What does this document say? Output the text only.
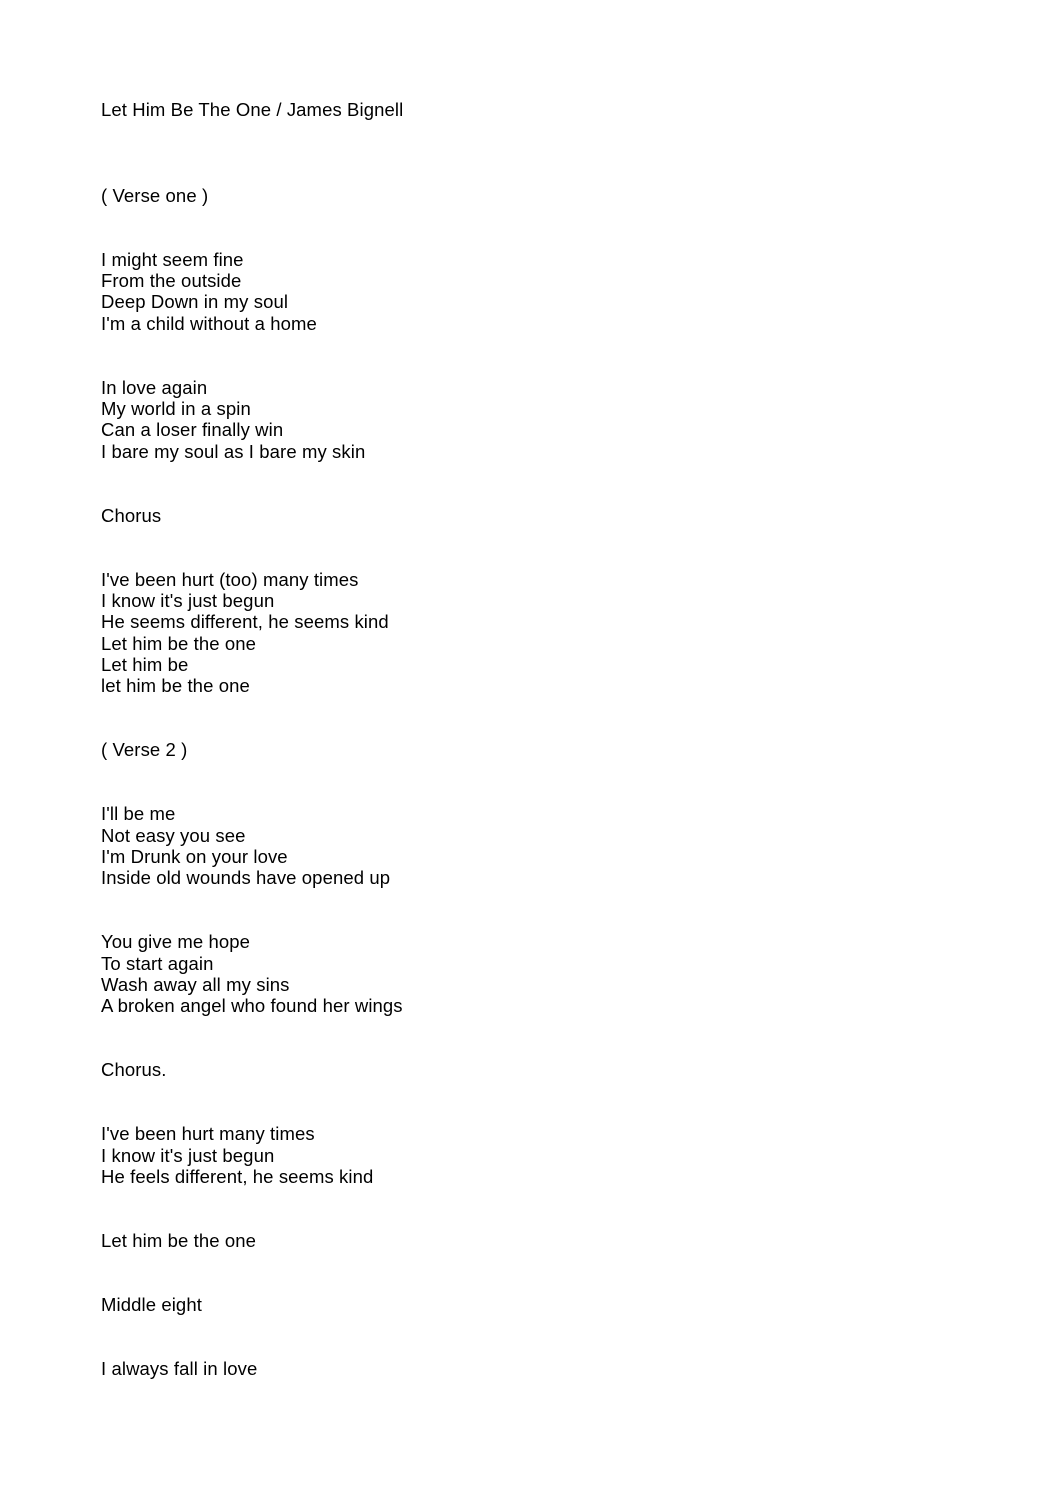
Let Him Be The One / James Bignell
( Verse one )
I might seem fine
From the outside
Deep Down in my soul
I'm a child without a home
In love again
My world in a spin
Can a loser finally win
I bare my soul as I bare my skin
Chorus
I've been hurt (too) many times
I know it's just begun
He seems different, he seems kind
Let him be the one
Let him be
let him be the one
( Verse 2 )
I'll be me
Not easy you see
I'm Drunk on your love
Inside old wounds have opened up
You give me hope
To start again
Wash away all my sins
A broken angel who found her wings
Chorus.
I've been hurt many times
I know it's just begun
He feels different, he seems kind
Let him be the one
Middle eight
I always fall in love
